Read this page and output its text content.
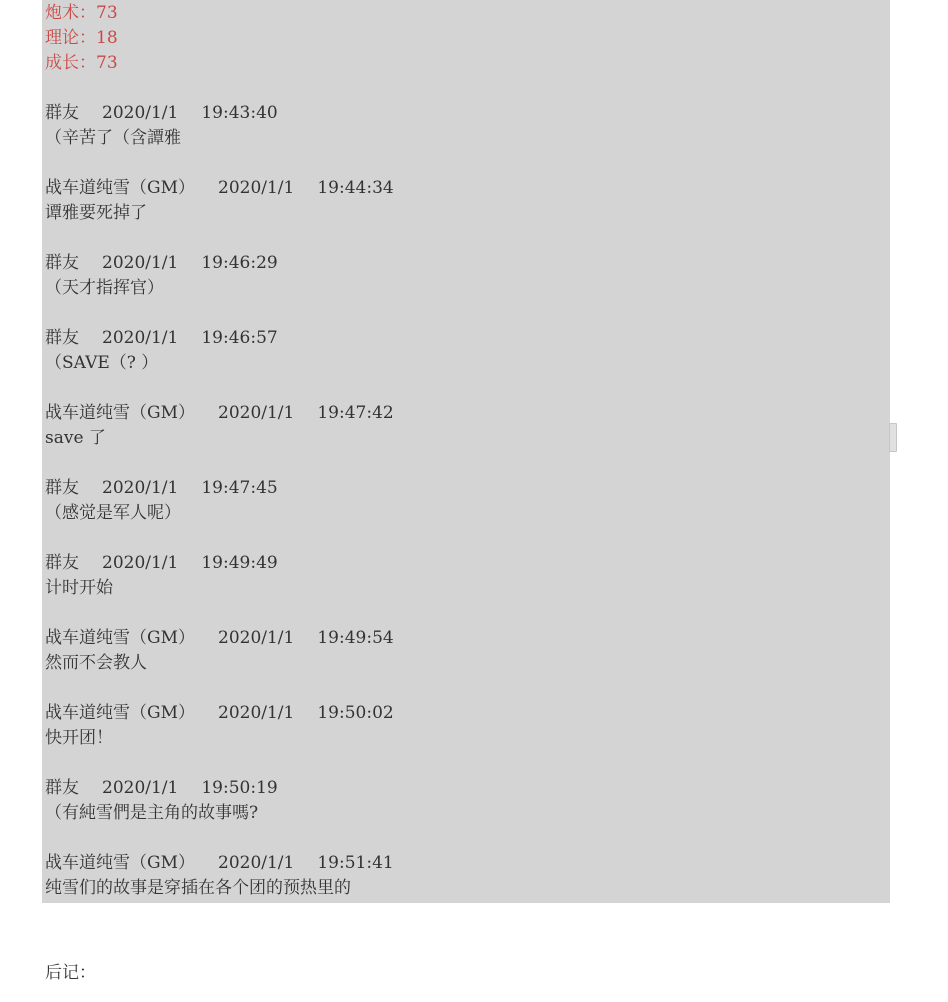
炮术：73
理论：18
成长：73
群友 2020/1/1 19:43:40
（辛苦了（含譚雅
战车道纯雪（GM） 2020/1/1 19:44:34
谭雅要死掉了
群友 2020/1/1 19:46:29
（天才指挥官）
群友 2020/1/1 19:46:57
（SAVE（? ）
战车道纯雪（GM） 2020/1/1 19:47:42
save 了
群友 2020/1/1 19:47:45
（感觉是军人呢）
群友 2020/1/1 19:49:49
计时开始
战车道纯雪（GM） 2020/1/1 19:49:54
然而不会教人
战车道纯雪（GM） 2020/1/1 19:50:02
快开团！
群友 2020/1/1 19:50:19
（有純雪們是主角的故事嗎?
战车道纯雪（GM） 2020/1/1 19:51:41
纯雪们的故事是穿插在各个团的预热里的
后记：
